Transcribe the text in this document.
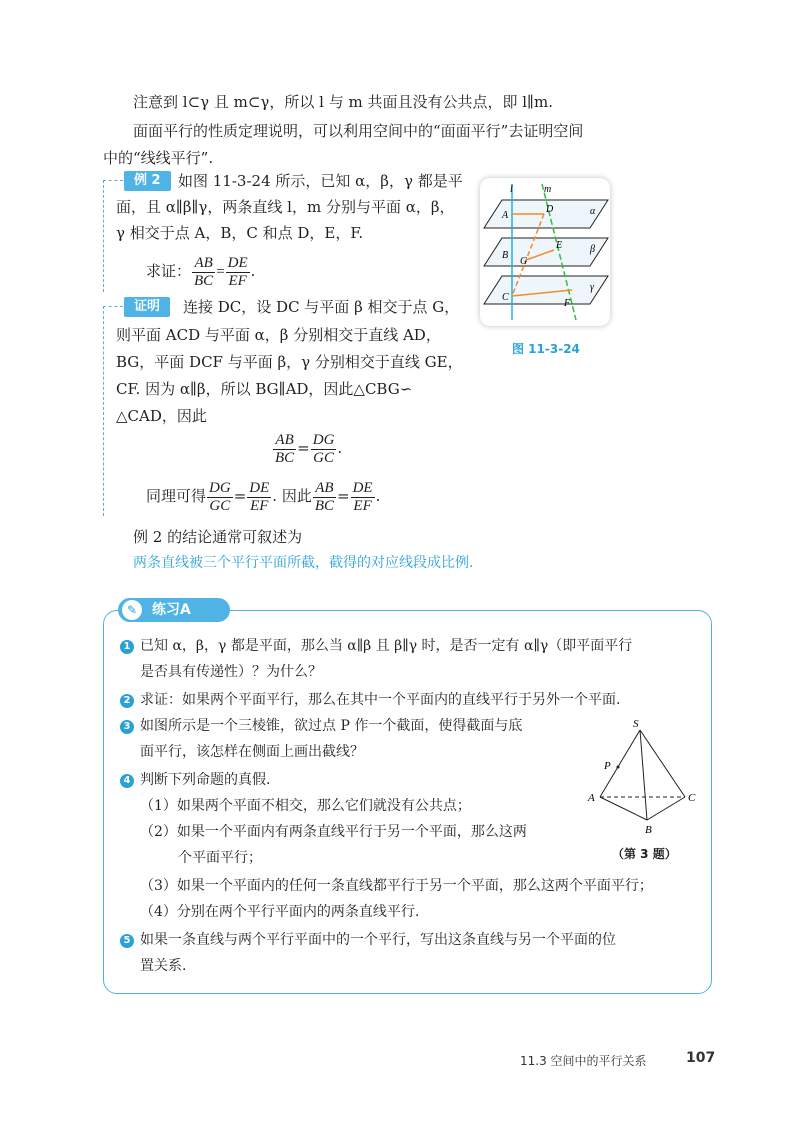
注意到 l⊂γ 且 m⊂γ，所以 l 与 m 共面且没有公共点，即 l∥m.
面面平行的性质定理说明，可以利用空间中的“面面平行”去证明空间
中的“线线平行”.
例 2	如图 11-3-24 所示，已知 α，β，γ 都是平
面，且 α∥β∥γ，两条直线 l，m 分别与平面 α，β，
γ 相交于点 A，B，C 和点 D，E，F.
求证： $\frac{AB}{BC} = \frac{DE}{EF}$ .
证明	连接 DC，设 DC 与平面 β 相交于点 G，
则平面 ACD 与平面 α，β 分别相交于直线 AD，
BG，平面 DCF 与平面 β，γ 分别相交于直线 GE，
CF. 因为 α∥β，所以 BG∥AD，因此△CBG∽
△CAD，因此
$\frac{AB}{BC} = \frac{DG}{GC}$ .
同理可得 $\frac{DG}{GC} = \frac{DE}{EF}$ . 因此 $\frac{AB}{BC} = \frac{DE}{EF}$ .
A
D
B
G
E
C
F
l	m
α
β
γ
图 11-3-24
例 2 的结论通常可叙述为
两条直线被三个平行平面所截，截得的对应线段成比例.
✎	练习A
1 已知 α，β，γ 都是平面，那么当 α∥β 且 β∥γ 时，是否一定有 α∥γ（即平面平行
是否具有传递性）？为什么？
2 求证：如果两个平面平行，那么在其中一个平面内的直线平行于另外一个平面.
3 如图所示是一个三棱锥，欲过点 P 作一个截面，使得截面与底
面平行，该怎样在侧面上画出截线？
4 判断下列命题的真假.
（1）如果两个平面不相交，那么它们就没有公共点；
（2）如果一个平面内有两条直线平行于另一个平面，那么这两
个平面平行；
（3）如果一个平面内的任何一条直线都平行于另一个平面，那么这两个平面平行；
（4）分别在两个平行平面内的两条直线平行.
5 如果一条直线与两个平行平面中的一个平行，写出这条直线与另一个平面的位
置关系.
S
P
A	C
B
（第 3 题）
11.3 空间中的平行关系	107
